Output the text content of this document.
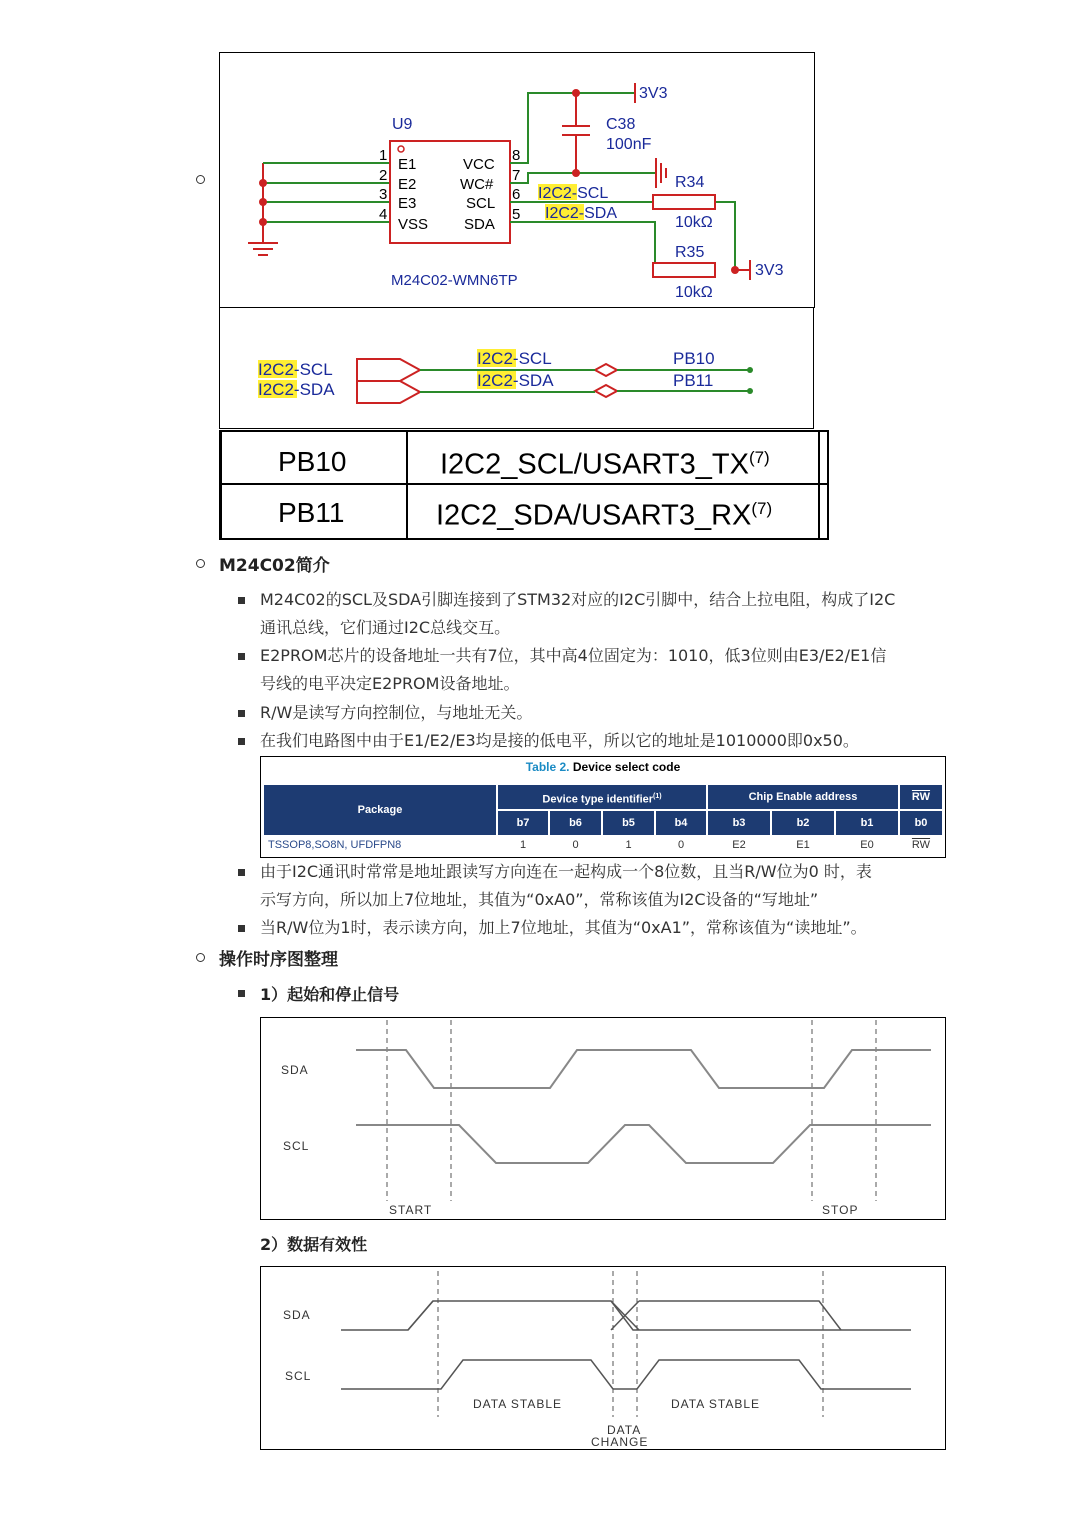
U9
1
2
3
4
E1
E2
E3
VSS
VCC
WC#
SCL
SDA
8
7
6
5
M24C02-WMN6TP
3V3
C38
100nF
I2C2-SCL
I2C2-SDA
R34
10kΩ
R35
10kΩ
3V3
I2C2-SCL
I2C2-SDA
I2C2-SCL
I2C2-SDA
PB10
PB11
PB10	I2C2_SCL/USART3_TX$^{(7)}$
PB11	I2C2_SDA/USART3_RX$^{(7)}$
M24C02简介
M24C02的SCL及SDA引脚连接到了STM32对应的I2C引脚中，结合上拉电阻，构成了I2C
通讯总线，它们通过I2C总线交互。
E2PROM芯片的设备地址一共有7位，其中高4位固定为：1010，低3位则由E3/E2/E1信
号线的电平决定E2PROM设备地址。
R/W是读写方向控制位，与地址无关。
在我们电路图中由于E1/E2/E3均是接的低电平，所以它的地址是1010000即0x50。
Table 2. Device select code
Package
Device type identifier$^{(1)}$	Chip Enable address	$\overline{RW}$
b7	b6	b5	b4	b3	b2	b1	b0
TSSOP8,SO8N, UFDFPN8	1	0	1	0	E2	E1	E0	$\overline{RW}$
由于I2C通讯时常常是地址跟读写方向连在一起构成一个8位数，且当R/W位为0 时，表
示写方向，所以加上7位地址，其值为“0xA0”，常称该值为I2C设备的“写地址”
当R/W位为1时，表示读方向，加上7位地址，其值为“0xA1”，常称该值为“读地址”。
操作时序图整理
1）起始和停止信号
SDA
SCL
START	STOP
2）数据有效性
SDA
SCL
DATA STABLE	DATA STABLE
DATA
CHANGE
